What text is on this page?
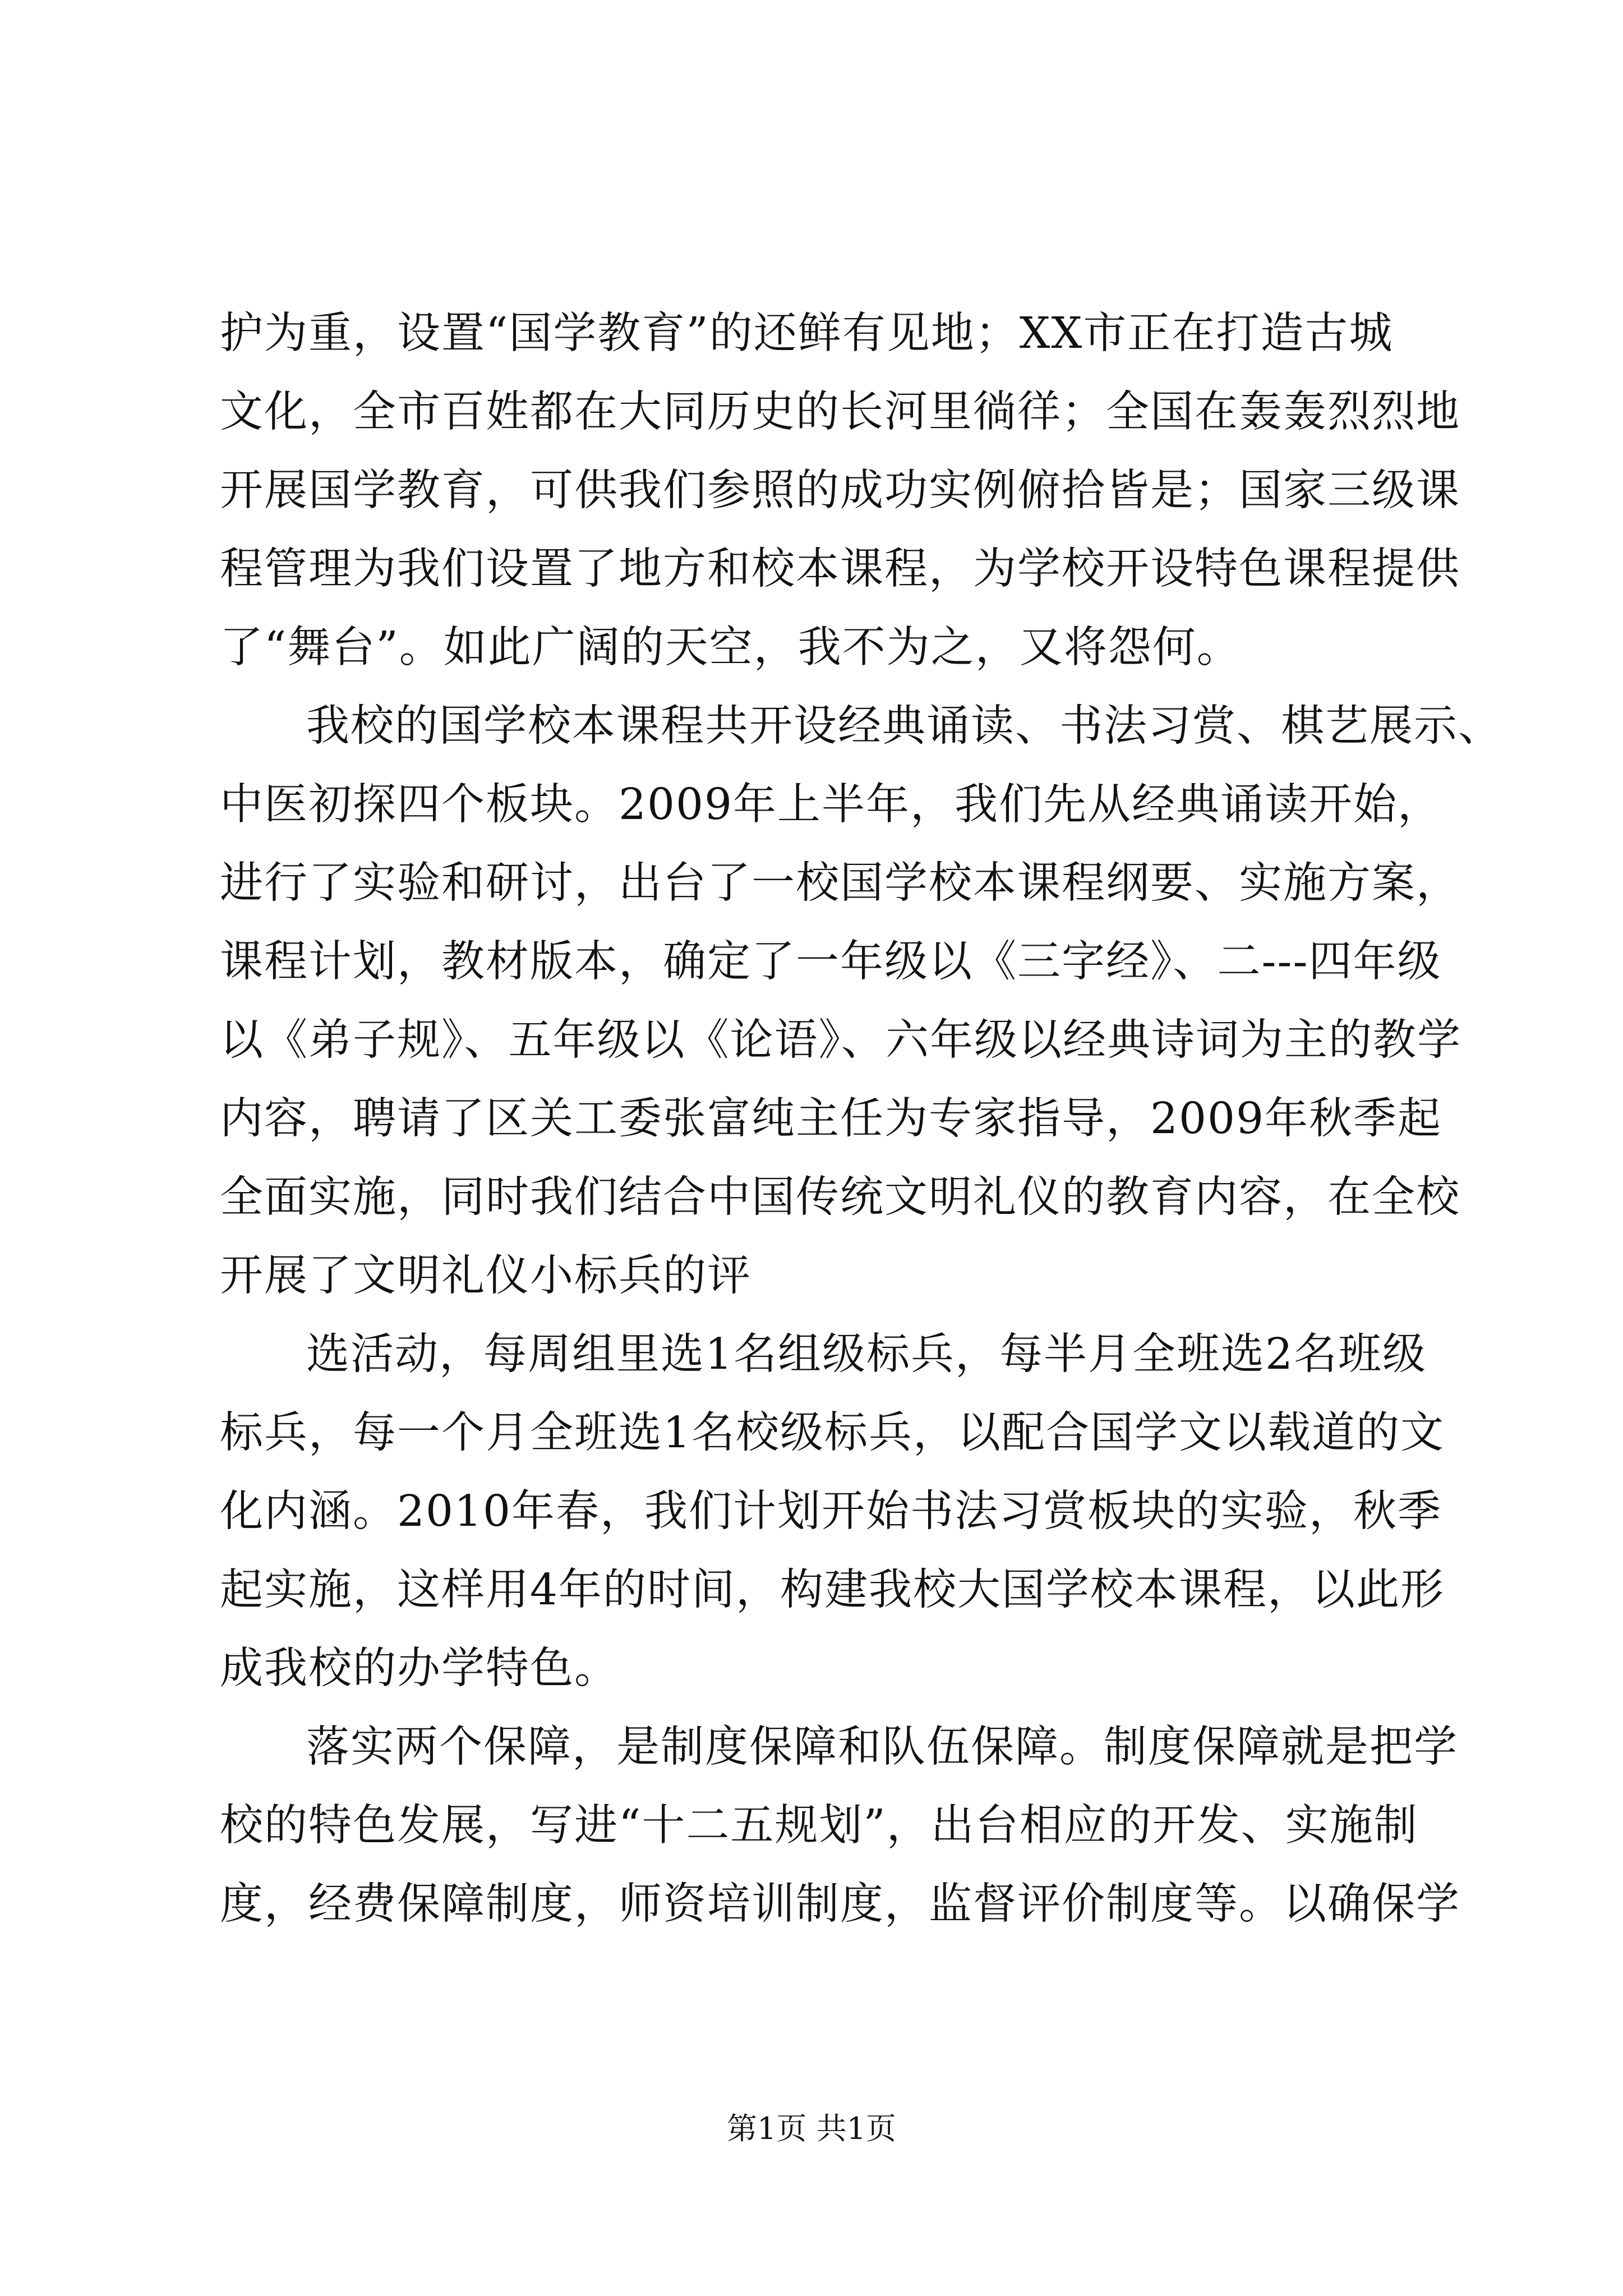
护为重，设置“国学教育”的还鲜有见地；XX市正在打造古城
文化，全市百姓都在大同历史的长河里徜徉；全国在轰轰烈烈地
开展国学教育，可供我们参照的成功实例俯拾皆是；国家三级课
程管理为我们设置了地方和校本课程，为学校开设特色课程提供
了“舞台”。如此广阔的天空，我不为之，又将怨何。

我校的国学校本课程共开设经典诵读、书法习赏、棋艺展示、
中医初探四个板块。2009年上半年，我们先从经典诵读开始，
进行了实验和研讨，出台了一校国学校本课程纲要、实施方案，
课程计划，教材版本，确定了一年级以《三字经》、二---四年级
以《弟子规》、五年级以《论语》、六年级以经典诗词为主的教学
内容，聘请了区关工委张富纯主任为专家指导，2009年秋季起
全面实施，同时我们结合中国传统文明礼仪的教育内容，在全校
开展了文明礼仪小标兵的评

选活动，每周组里选1名组级标兵，每半月全班选2名班级
标兵，每一个月全班选1名校级标兵，以配合国学文以载道的文
化内涵。2010年春，我们计划开始书法习赏板块的实验，秋季
起实施，这样用4年的时间，构建我校大国学校本课程，以此形
成我校的办学特色。

落实两个保障，是制度保障和队伍保障。制度保障就是把学
校的特色发展，写进“十二五规划”，出台相应的开发、实施制
度，经费保障制度，师资培训制度，监督评价制度等。以确保学

第1页 共1页
